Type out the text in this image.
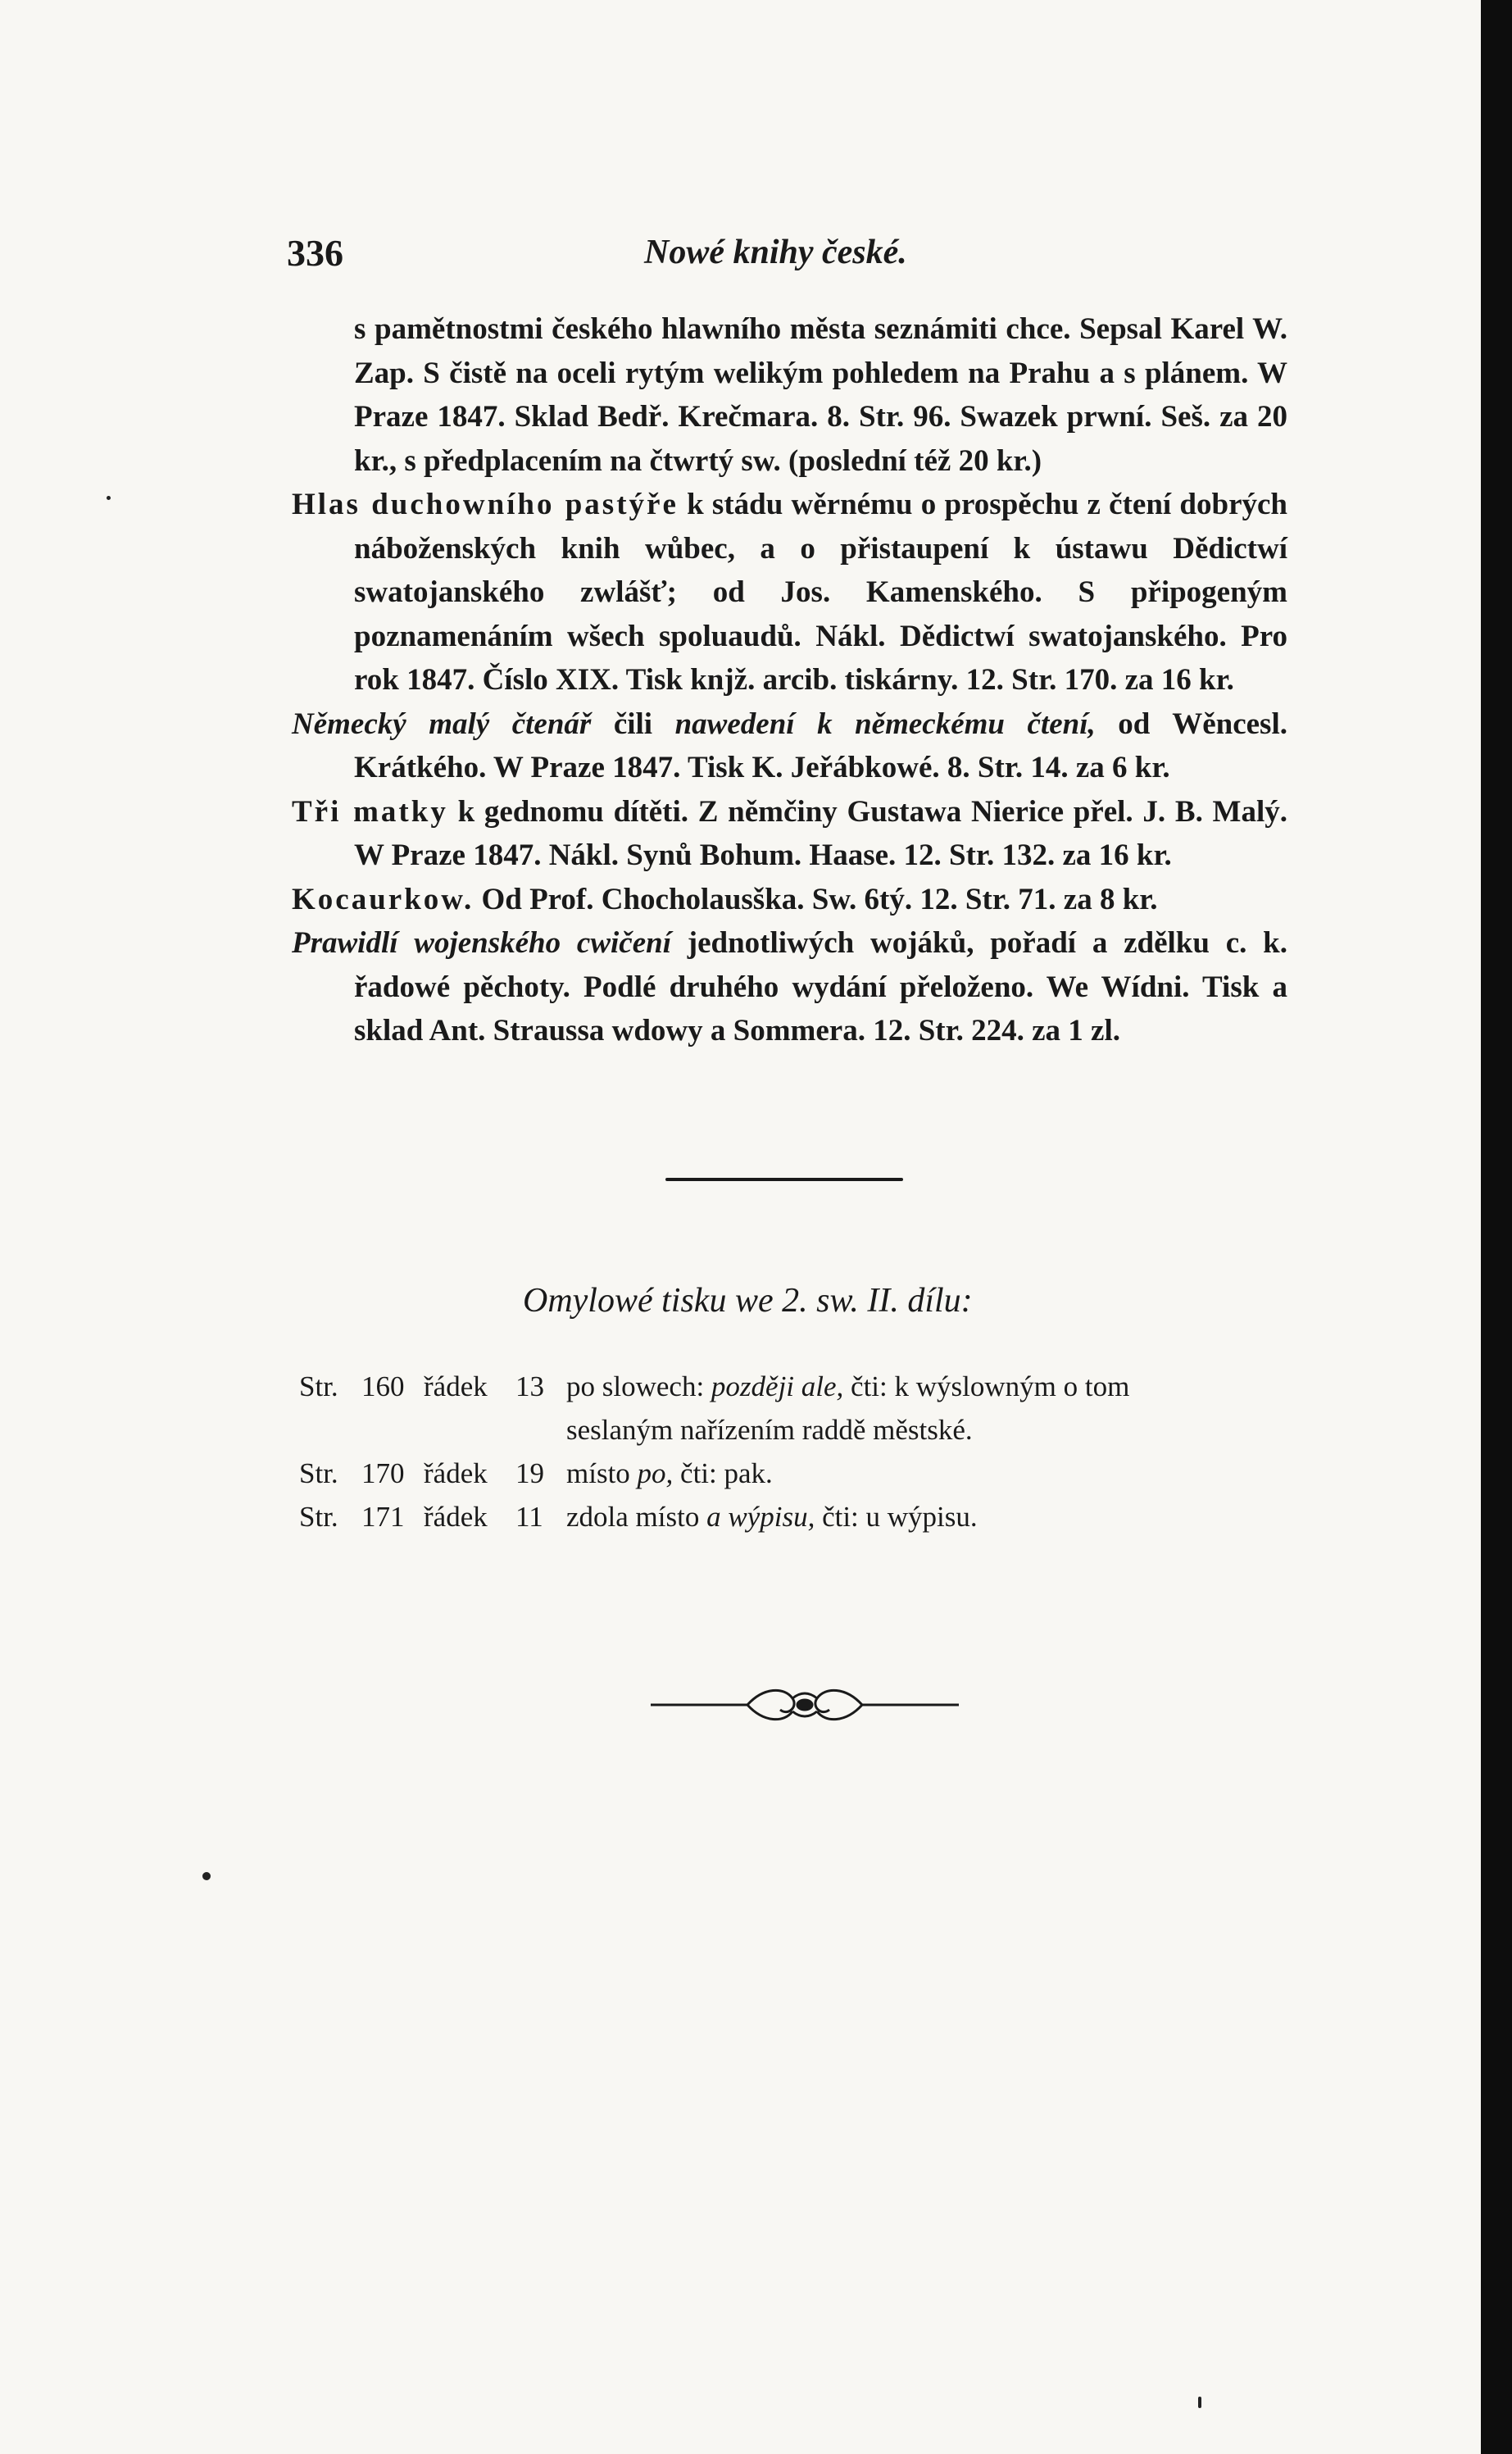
336	Nowé knihy české.

s pamětnostmi českého hlawního města seznámiti chce. Sepsal Karel W. Zap. S čistě na oceli rytým welikým pohledem na Prahu a s plánem. W Praze 1847. Sklad Bedř. Krečmara. 8. Str. 96. Swazek prwní. Seš. za 20 kr., s předplacením na čtwrtý sw. (poslední též 20 kr.)

Hlas duchowního pastýře k stádu wěrnému o prospěchu z čtení dobrých náboženských knih wůbec, a o přistaupení k ústawu Dědictwí swatojanského zwlášť; od Jos. Kamenského. S připogeným poznamenáním wšech spoluaudů. Nákl. Dědictwí swatojanského. Pro rok 1847. Číslo XIX. Tisk knjž. arcib. tiskárny. 12. Str. 170. za 16 kr.

Německý malý čtenář čili nawedení k německému čtení, od Wěncesl. Krátkého. W Praze 1847. Tisk K. Jeřábkowé. 8. Str. 14. za 6 kr.

Tři matky k gednomu dítěti. Z němčiny Gustawa Nierice přel. J. B. Malý. W Praze 1847. Nákl. Synů Bohum. Haase. 12. Str. 132. za 16 kr.

Kocaurkow. Od Prof. Chocholausška. Sw. 6tý. 12. Str. 71. za 8 kr.

Prawidlí wojenského cwičení jednotliwých wojáků, pořadí a zdělku c. k. řadowé pěchoty. Podlé druhého wydání přeloženo. We Wídni. Tisk a sklad Ant. Straussa wdowy a Sommera. 12. Str. 224. za 1 zl.

Omylowé tisku we 2. sw. II. dílu:
Str. 160 řádek 13 po slowech: později ale, čti: k wýslowným o tom
seslaným nařízením raddě městské.
Str. 170 řádek 19 místo po, čti: pak.
Str. 171 řádek 11 zdola místo a wýpisu, čti: u wýpisu.
